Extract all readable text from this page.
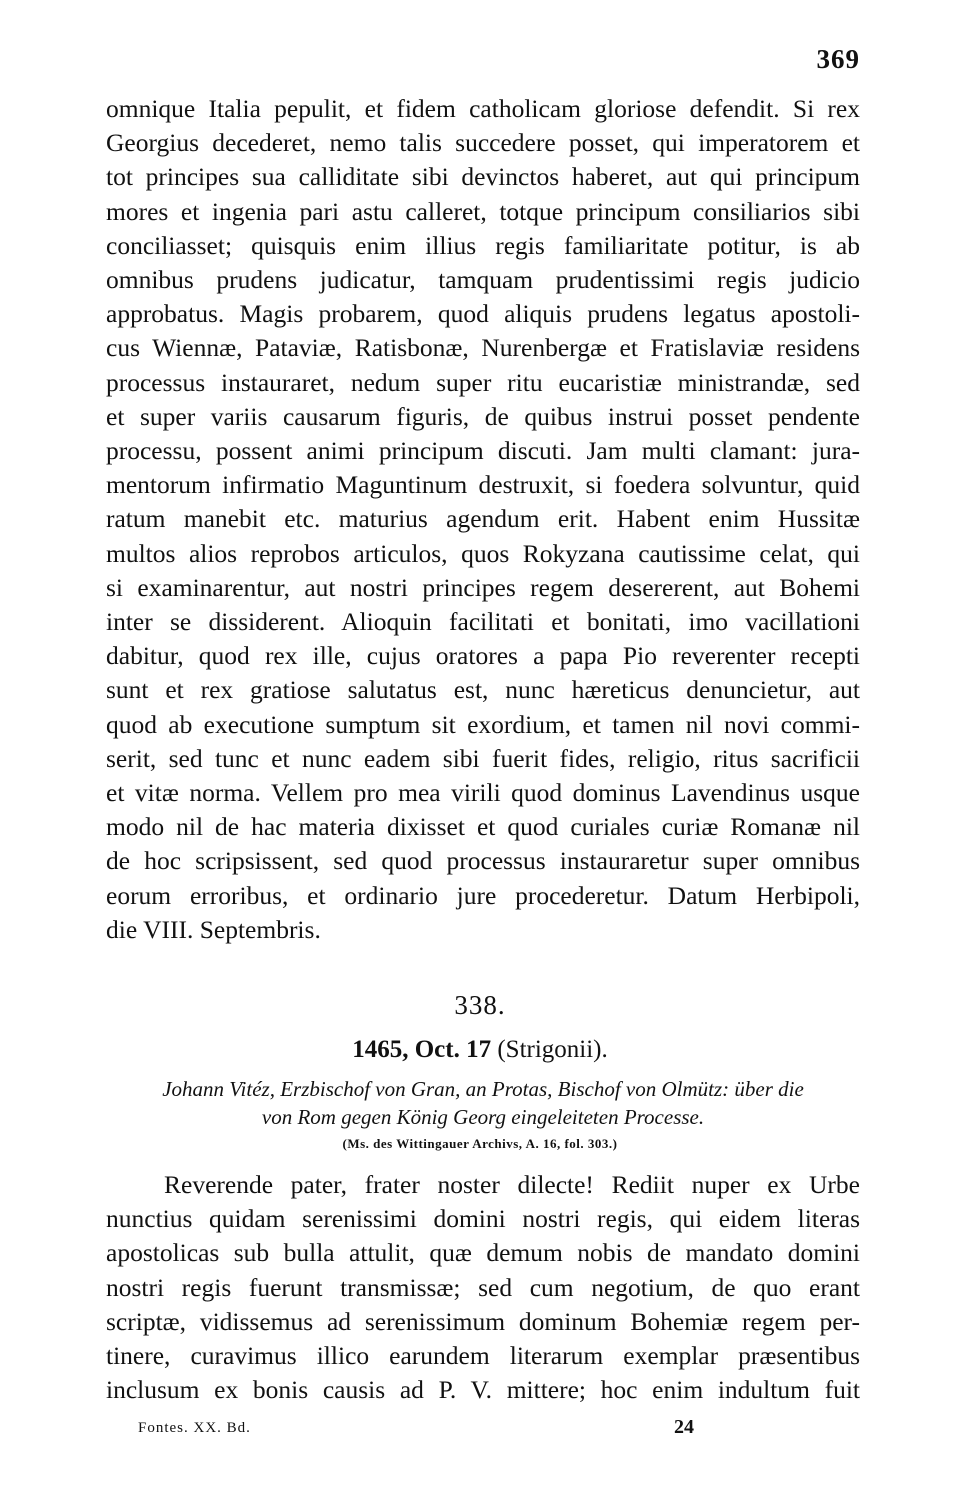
369
omnique Italia pepulit, et fidem catholicam gloriose defendit. Si rex
Georgius decederet, nemo talis succedere posset, qui imperatorem et
tot principes sua calliditate sibi devinctos haberet, aut qui principum
mores et ingenia pari astu calleret, totque principum consiliarios sibi
conciliasset; quisquis enim illius regis familiaritate potitur, is ab
omnibus prudens judicatur, tamquam prudentissimi regis judicio
approbatus. Magis probarem, quod aliquis prudens legatus apostoli-
cus Wiennæ, Pataviæ, Ratisbonæ, Nurenbergæ et Fratislaviæ residens
processus instauraret, nedum super ritu eucaristiæ ministrandæ, sed
et super variis causarum figuris, de quibus instrui posset pendente
processu, possent animi principum discuti. Jam multi clamant: jura-
mentorum infirmatio Maguntinum destruxit, si foedera solvuntur, quid
ratum manebit etc. maturius agendum erit. Habent enim Hussitæ
multos alios reprobos articulos, quos Rokyzana cautissime celat, qui
si examinarentur, aut nostri principes regem desererent, aut Bohemi
inter se dissiderent. Alioquin facilitati et bonitati, imo vacillationi
dabitur, quod rex ille, cujus oratores a papa Pio reverenter recepti
sunt et rex gratiose salutatus est, nunc hæreticus denuncietur, aut
quod ab executione sumptum sit exordium, et tamen nil novi commi-
serit, sed tunc et nunc eadem sibi fuerit fides, religio, ritus sacrificii
et vitæ norma. Vellem pro mea virili quod dominus Lavendinus usque
modo nil de hac materia dixisset et quod curiales curiæ Romanæ nil
de hoc scripsissent, sed quod processus instauraretur super omnibus
eorum erroribus, et ordinario jure procederetur. Datum Herbipoli,
die VIII. Septembris.
338.
1465, Oct. 17 (Strigonii).
Johann Vitéz, Erzbischof von Gran, an Protas, Bischof von Olmütz: über die
von Rom gegen König Georg eingeleiteten Processe.
(Ms. des Wittingauer Archivs, A. 16, fol. 303.)
Reverende pater, frater noster dilecte! Rediit nuper ex Urbe
nunctius quidam serenissimi domini nostri regis, qui eidem literas
apostolicas sub bulla attulit, quæ demum nobis de mandato domini
nostri regis fuerunt transmissæ; sed cum negotium, de quo erant
scriptæ, vidissemus ad serenissimum dominum Bohemiæ regem per-
tinere, curavimus illico earundem literarum exemplar præsentibus
inclusum ex bonis causis ad P. V. mittere; hoc enim indultum fuit
Fontes. XX. Bd.	24
